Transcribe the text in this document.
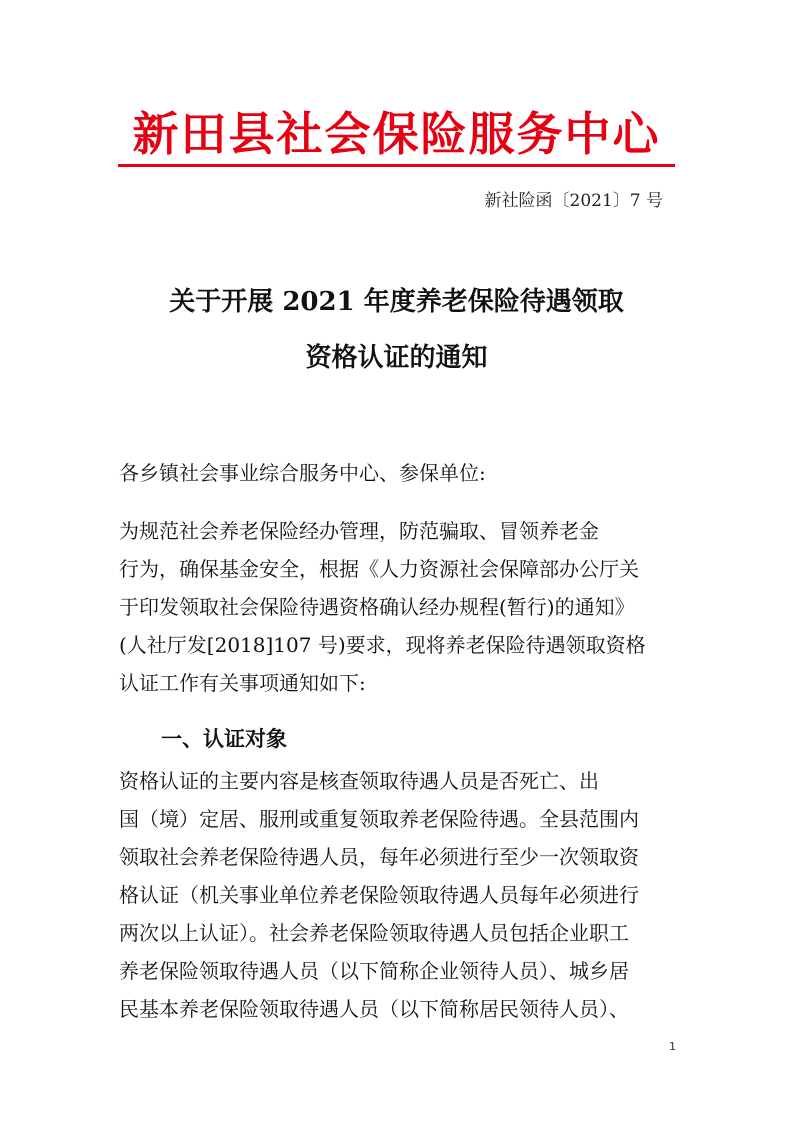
新田县社会保险服务中心
新社险函〔2021〕7 号
关于开展 2021 年度养老保险待遇领取
资格认证的通知
各乡镇社会事业综合服务中心、参保单位:
为规范社会养老保险经办管理，防范骗取、冒领养老金
行为，确保基金安全，根据《人力资源社会保障部办公厅关
于印发领取社会保险待遇资格确认经办规程(暂行)的通知》
(人社厅发[2018]107 号)要求，现将养老保险待遇领取资格
认证工作有关事项通知如下:
一、认证对象
资格认证的主要内容是核查领取待遇人员是否死亡、出
国（境）定居、服刑或重复领取养老保险待遇。全县范围内
领取社会养老保险待遇人员，每年必须进行至少一次领取资
格认证（机关事业单位养老保险领取待遇人员每年必须进行
两次以上认证）。社会养老保险领取待遇人员包括企业职工
养老保险领取待遇人员（以下简称企业领待人员）、城乡居
民基本养老保险领取待遇人员（以下简称居民领待人员）、
1
